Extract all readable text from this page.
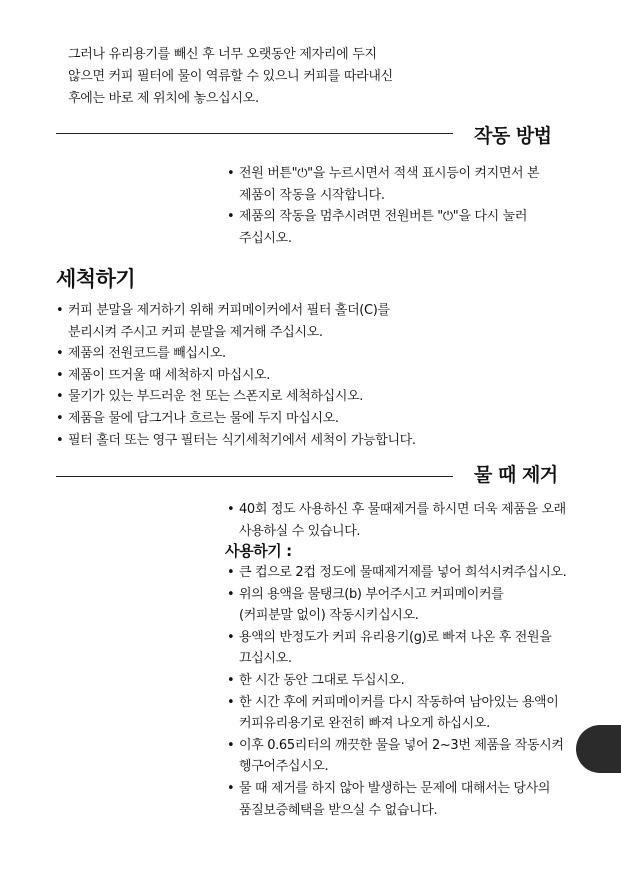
그러나 유리용기를 빼신 후 너무 오랫동안 제자리에 두지
않으면 커피 필터에 물이 역류할 수 있으니 커피를 따라내신
후에는 바로 제 위치에 놓으십시오.
작동 방법
• 전원 버튼"⏻"을 누르시면서 적색 표시등이 켜지면서 본
제품이 작동을 시작합니다.
• 제품의 작동을 멈추시려면 전원버튼 "⏻"을 다시 눌러
주십시오.
세척하기
• 커피 분말을 제거하기 위해 커피메이커에서 필터 홀더(C)를
분리시켜 주시고 커피 분말을 제거해 주십시오.
• 제품의 전원코드를 빼십시오.
• 제품이 뜨거울 때 세척하지 마십시오.
• 물기가 있는 부드러운 천 또는 스폰지로 세척하십시오.
• 제품을 물에 담그거나 흐르는 물에 두지 마십시오.
• 필터 홀더 또는 영구 필터는 식기세척기에서 세척이 가능합니다.
물 때 제거
• 40회 정도 사용하신 후 물때제거를 하시면 더욱 제품을 오래
사용하실 수 있습니다.
사용하기 :
• 큰 컵으로 2컵 정도에 물때제거제를 넣어 희석시켜주십시오.
• 위의 용액을 물탱크(b) 부어주시고 커피메이커를
(커피분말 없이) 작동시키십시오.
• 용액의 반정도가 커피 유리용기(g)로 빠져 나온 후 전원을
끄십시오.
• 한 시간 동안 그대로 두십시오.
• 한 시간 후에 커피메이커를 다시 작동하여 남아있는 용액이
커피유리용기로 완전히 빠져 나오게 하십시오.
• 이후 0.65리터의 깨끗한 물을 넣어 2~3번 제품을 작동시켜
헹구어주십시오.
• 물 때 제거를 하지 않아 발생하는 문제에 대해서는 당사의
품질보증혜택을 받으실 수 없습니다.
